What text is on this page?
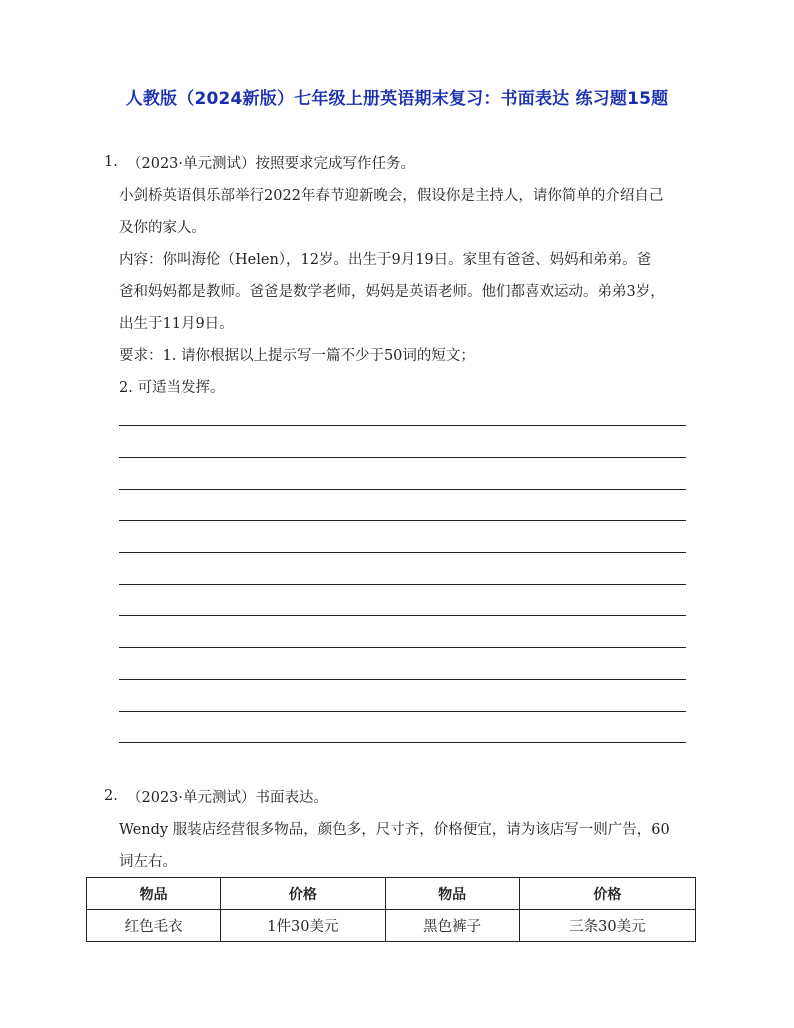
人教版（2024新版）七年级上册英语期末复习：书面表达 练习题15题
1. （2023·单元测试）按照要求完成写作任务。
小剑桥英语俱乐部举行2022年春节迎新晚会，假设你是主持人，请你简单的介绍自己
及你的家人。
内容：你叫海伦（Helen），12岁。出生于9月19日。家里有爸爸、妈妈和弟弟。爸
爸和妈妈都是教师。爸爸是数学老师，妈妈是英语老师。他们都喜欢运动。弟弟3岁，
出生于11月9日。
要求：1. 请你根据以上提示写一篇不少于50词的短文；
2. 可适当发挥。
2. （2023·单元测试）书面表达。
Wendy 服装店经营很多物品，颜色多，尺寸齐，价格便宜，请为该店写一则广告，60
词左右。
物品	价格	物品	价格
红色毛衣	1件30美元	黑色裤子	三条30美元
